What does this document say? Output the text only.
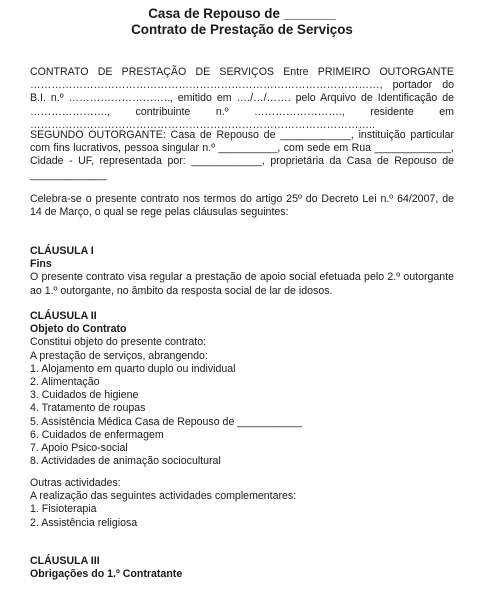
Casa de Repouso de _______

Contrato de Prestação de Serviços

CONTRATO DE PRESTAÇÃO DE SERVIÇOS Entre PRIMEIRO OUTORGANTE ………………………………………………………………………………………, portador do B.I. n.º ……………………….., emitido em …./…/……. pelo Arquivo de Identificação de …………………., contribuinte n.º ……………………., residente em ……………………………………………………………………………………..

SEGUNDO OUTORGANTE: Casa de Repouso de ____________, instituição particular com fins lucrativos, pessoa singular n.º __________, com sede em Rua _____________, Cidade - UF, representada por: ____________, proprietária da Casa de Repouso de _____________

Celebra-se o presente contrato nos termos do artigo 25º do Decreto Lei n.º 64/2007, de 14 de Março, o qual se rege pelas cláusulas seguintes:

CLÁUSULA I

Fins

O presente contrato visa regular a prestação de apoio social efetuada pelo 2.º outorgante ao 1.º outorgante, no âmbito da resposta social de lar de idosos.

CLÁUSULA II

Objeto do Contrato

Constitui objeto do presente contrato:

A prestação de serviços, abrangendo:

1. Alojamento em quarto duplo ou individual
2. Alimentação
3. Cuidados de higiene
4. Tratamento de roupas
5. Assistência Médica Casa de Repouso de ___________
6. Cuidados de enfermagem
7. Apoio Psico-social
8. Actividades de animação sociocultural

Outras actividades:

A realização das seguintes actividades complementares:

1. Fisioterapia
2. Assistência religiosa

CLÁUSULA III

Obrigações do 1.º Contratante
